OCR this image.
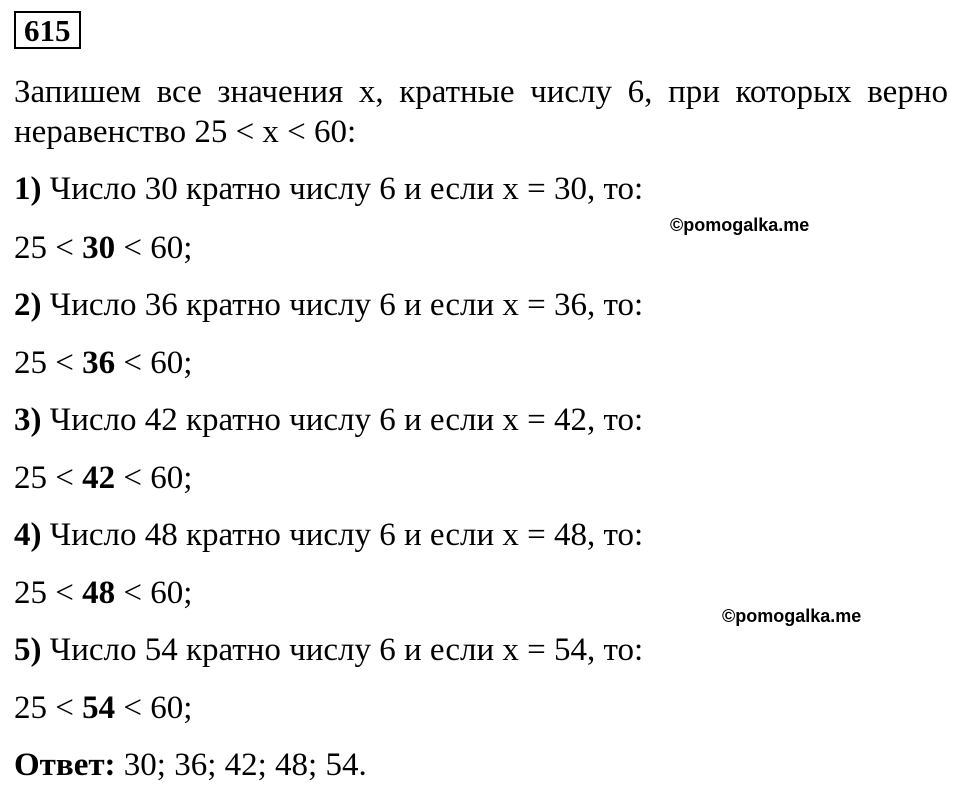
615
Запишем все значения х, кратные числу 6, при которых верно неравенство 25 < х < 60:
1) Число 30 кратно числу 6 и если х = 30, то:
25 < 30 < 60;
2) Число 36 кратно числу 6 и если х = 36, то:
25 < 36 < 60;
3) Число 42 кратно числу 6 и если х = 42, то:
25 < 42 < 60;
4) Число 48 кратно числу 6 и если х = 48, то:
25 < 48 < 60;
5) Число 54 кратно числу 6 и если х = 54, то:
25 < 54 < 60;
Ответ: 30; 36; 42; 48; 54.
©pomogalka.me
©pomogalka.me
